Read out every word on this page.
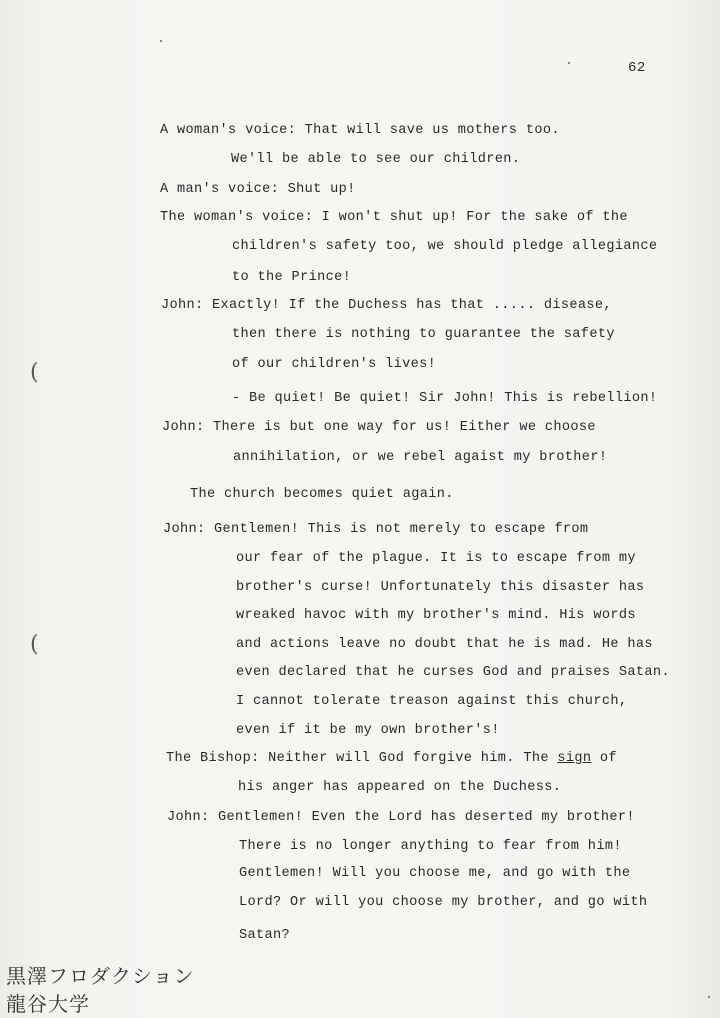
62
A woman's voice: That will save us mothers too.
We'll be able to see our children.
A man's voice: Shut up!
The woman's voice: I won't shut up! For the sake of the
children's safety too, we should pledge allegiance
to the Prince!
John: Exactly! If the Duchess has that ..... disease,
then there is nothing to guarantee the safety
of our children's lives!
- Be quiet! Be quiet! Sir John! This is rebellion!
John: There is but one way for us! Either we choose
annihilation, or we rebel agaist my brother!
The church becomes quiet again.
John: Gentlemen! This is not merely to escape from
our fear of the plague. It is to escape from my
brother's curse! Unfortunately this disaster has
wreaked havoc with my brother's mind. His words
and actions leave no doubt that he is mad. He has
even declared that he curses God and praises Satan.
I cannot tolerate treason against this church,
even if it be my own brother's!
The Bishop: Neither will God forgive him. The sign of
his anger has appeared on the Duchess.
John: Gentlemen! Even the Lord has deserted my brother!
There is no longer anything to fear from him!
Gentlemen! Will you choose me, and go with the
Lord? Or will you choose my brother, and go with
Satan?
(
(
黒澤フロダクション
龍谷大学
